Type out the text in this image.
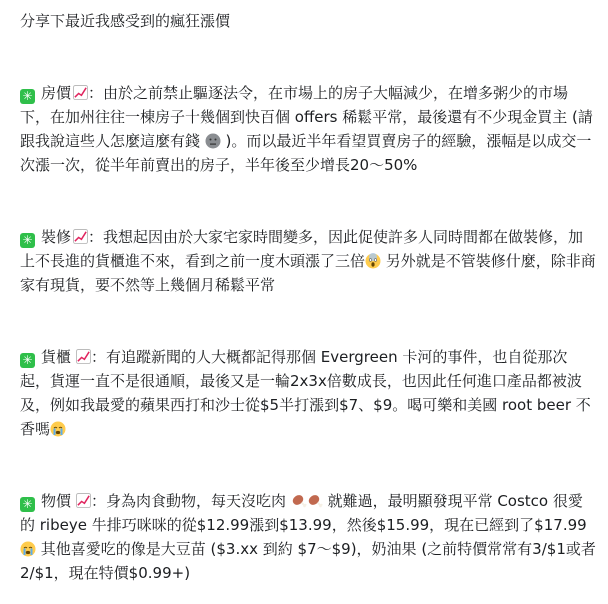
分享下最近我感受到的瘋狂漲價

✳ 房價 ：由於之前禁止驅逐法令，在市場上的房子大幅減少，在增多粥少的市場下，在加州往往一棟房子十幾個到快百個 offers 稀鬆平常，最後還有不少現金買主 (請跟我說這些人怎麼這麼有錢  )。而以最近半年看望買賣房子的經驗，漲幅是以成交一次漲一次，從半年前賣出的房子，半年後至少增長20～50%

✳ 裝修 ：我想起因由於大家宅家時間變多，因此促使許多人同時間都在做裝修，加上不長進的貨櫃進不來，看到之前一度木頭漲了三倍 另外就是不管裝修什麼，除非商家有現貨，要不然等上幾個月稀鬆平常

✳ 貨櫃 ：有追蹤新聞的人大概都記得那個 Evergreen 卡河的事件，也自從那次起，貨運一直不是很通順，最後又是一輪2x3x倍數成長，也因此任何進口產品都被波及，例如我最愛的蘋果西打和沙士從$5半打漲到$7、$9。喝可樂和美國 root beer 不香嗎

✳ 物價 ：身為肉食動物，每天沒吃肉  就難過，最明顯發現平常 Costco 很愛的 ribeye 牛排巧咪咪的從$12.99漲到$13.99，然後$15.99，現在已經到了$17.99  其他喜愛吃的像是大豆苗 ($3.xx 到約 $7～$9)，奶油果 (之前特價常常有3/$1或者2/$1，現在特價$0.99+)
